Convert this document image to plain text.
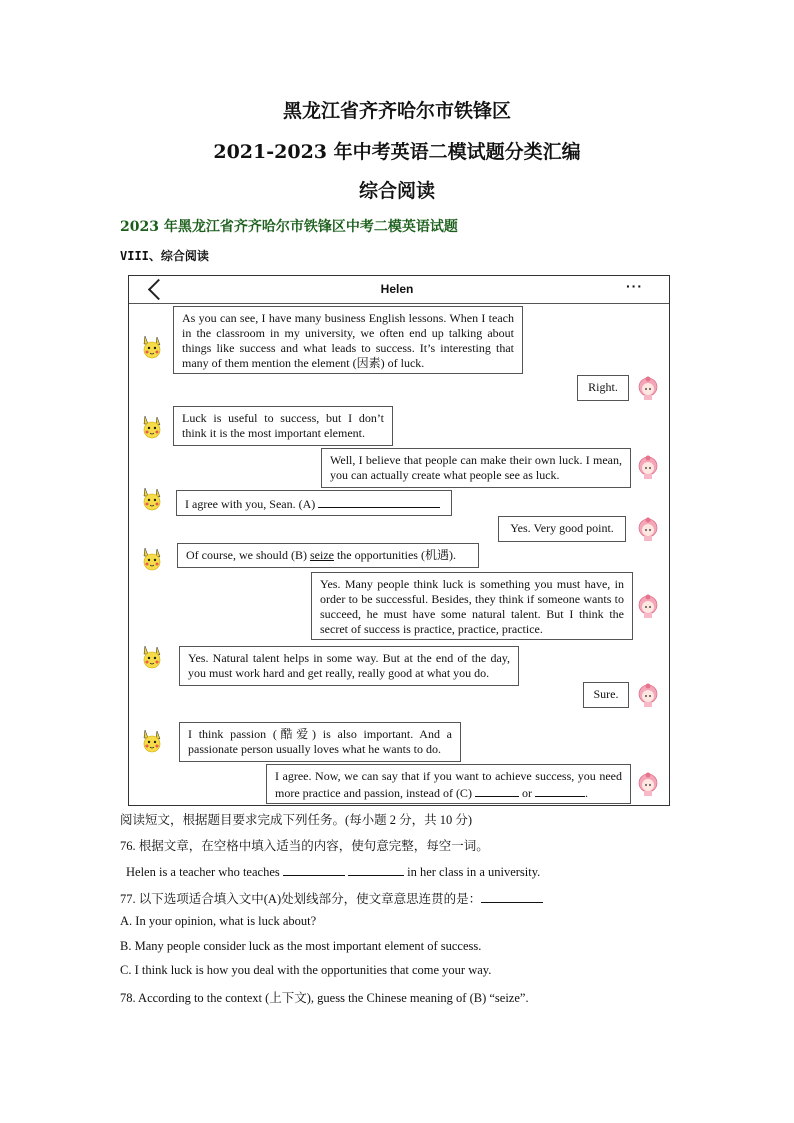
黑龙江省齐齐哈尔市铁锋区
2021-2023 年中考英语二模试题分类汇编
综合阅读
2023 年黑龙江省齐齐哈尔市铁锋区中考二模英语试题
VIII、综合阅读
Helen	···
As you can see, I have many business English lessons. When I teach in the classroom in my university, we often end up talking about things like success and what leads to success. It’s interesting that many of them mention the element (因素) of luck.
Right.
Luck is useful to success, but I don’t think it is the most important element.
Well, I believe that people can make their own luck. I mean, you can actually create what people see as luck.
I agree with you, Sean. (A)
Yes. Very good point.
Of course, we should (B) seize the opportunities (机遇).
Yes. Many people think luck is something you must have, in order to be successful. Besides, they think if someone wants to succeed, he must have some natural talent. But I think the secret of success is practice, practice, practice.
Yes. Natural talent helps in some way. But at the end of the day, you must work hard and get really, really good at what you do.
Sure.
I think passion (酷爱) is also important. And a passionate person usually loves what he wants to do.
I agree. Now, we can say that if you want to achieve success, you need more practice and passion, instead of (C)	or	.
阅读短文，根据题目要求完成下列任务。(每小题 2 分，共 10 分)
76. 根据文章，在空格中填入适当的内容，使句意完整，每空一词。
Helen is a teacher who teaches	in her class in a university.
77. 以下选项适合填入文中(A)处划线部分，使文章意思连贯的是：
A. In your opinion, what is luck about?
B. Many people consider luck as the most important element of success.
C. I think luck is how you deal with the opportunities that come your way.
78. According to the context (上下文), guess the Chinese meaning of (B) “seize”.
